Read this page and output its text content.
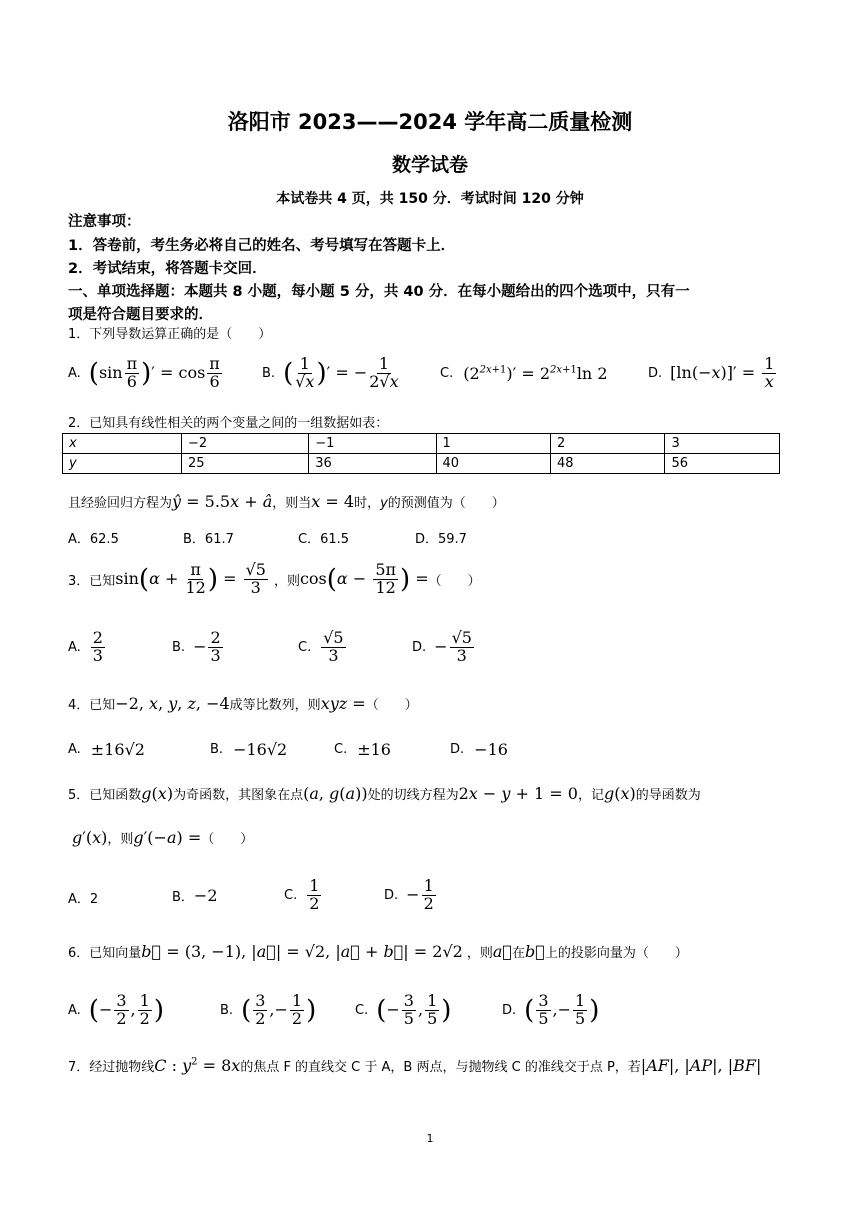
洛阳市 2023——2024 学年高二质量检测
数学试卷
本试卷共 4 页，共 150 分．考试时间 120 分钟
注意事项：
1．答卷前，考生务必将自己的姓名、考号填写在答题卡上．
2．考试结束，将答题卡交回．
一、单项选择题：本题共 8 小题，每小题 5 分，共 40 分．在每小题给出的四个选项中，只有一
项是符合题目要求的．
1．下列导数运算正确的是（　　）
A. ($\sin \frac{\pi}{6}$ )′ = $\cos \frac{\pi}{6}$	B. ( $\frac{1}{√x}$ )′ = − $\frac{1}{2√x}$	C. $(2^{2x+1})' = 2^{2x+1}\ln$ 2	D. $[\ln(-x)]' = \frac{1}{x}$
2．已知具有线性相关的两个变量之间的一组数据如表：
x	−2	−1	1	2	3
y	25	36	40	48	56
且经验回归方程为ŷ = 5.5x + â，则当x = 4时，y的预测值为（　　）
A．62.5	B．61.7	C．61.5	D．59.7
3．已知 $\sin(\alpha + \frac{\pi}{12}$ ) = $\frac{√5}{3}$ ，则 $\cos(\alpha - \frac{5\pi}{12}$ ) = （　　）
A. $\frac{2}{3}$	B. − $\frac{2}{3}$	C. $\frac{√5}{3}$	D. − $\frac{√5}{3}$
4．已知 −2, x, y, z, −4 成等比数列，则 xyz = （　　）
A. ±16√2	B. −16√2	C. ±16	D. −16
5．已知函数 g(x) 为奇函数，其图象在点 (a, g(a)) 处的切线方程为 2x − y + 1 = 0 ，记 g(x) 的导函数为
g′(x) ，则 g′(−a) = （　　）
A．2	B． −2	C. $\frac{1}{2}$	D. − $\frac{1}{2}$
6．已知向量 b⃗ = (3, −1), |a⃗| = √2, |a⃗ + b⃗| = 2√2 ，则 a⃗ 在 b⃗ 上的投影向量为（　　）
A. (− $\frac{3}{2}$ , $\frac{1}{2}$ )	B. ( $\frac{3}{2}$ ,− $\frac{1}{2}$ )	C. (− $\frac{3}{5}$ , $\frac{1}{5}$ )	D. ( $\frac{3}{5}$ ,− $\frac{1}{5}$ )
7．经过抛物线 C : $y^2 = 8x$ 的焦点 F 的直线交 C 于 A，B 两点，与抛物线 C 的准线交于点 P，若 |AF|, |AP|, |BF|
1
